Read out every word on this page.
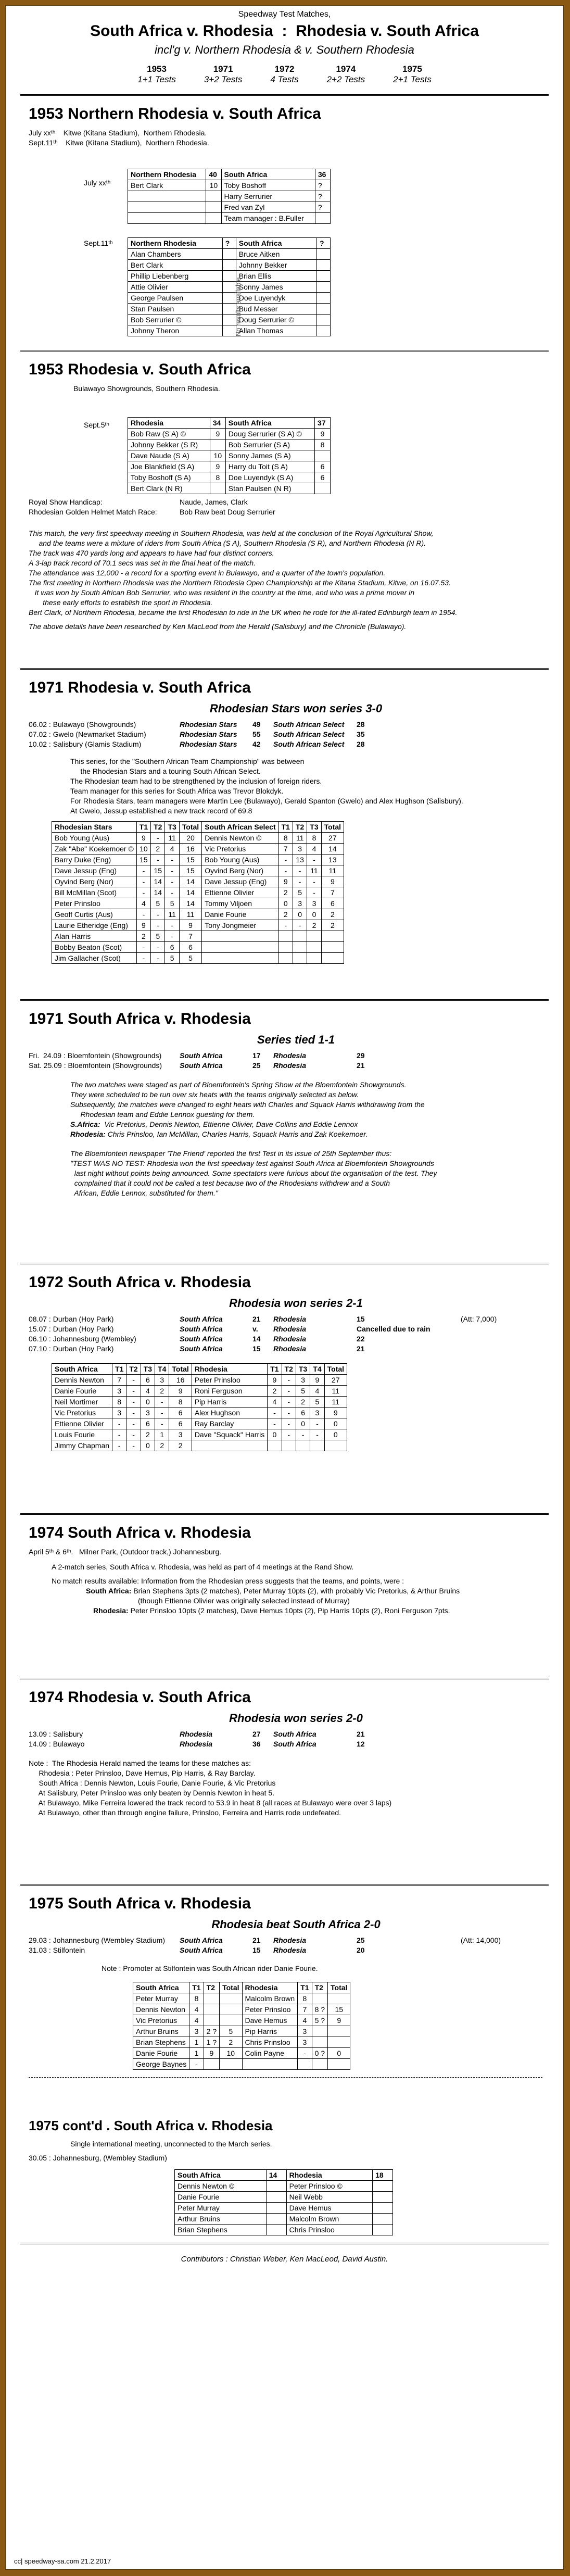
Speedway Test Matches,
South Africa v. Rhodesia : Rhodesia v. South Africa
incl'g v. Northern Rhodesia & v. Southern Rhodesia
1953
1+1 Tests
1971
3+2 Tests
1972
4 Tests
1974
2+2 Tests
1975
2+1 Tests
1953 Northern Rhodesia v. South Africa
July xxᵗʰ    Kitwe (Kitana Stadium),  Northern Rhodesia.
Sept.11ᵗʰ    Kitwe (Kitana Stadium),  Northern Rhodesia.
July xxᵗʰ
Northern Rhodesia	40	South Africa	36
Bert Clark	10	Toby Boshoff	?
		Harry Serrurier	?
		Fred van Zyl	?
		Team manager : B.Fuller	
Sept.11ᵗʰ Northern Rhodesia	?	South Africa	?
Alan Chambers		Bruce Aitken	
Bert Clark		Johnny Bekker	
Phillip Liebenberg		Brian Ellis	
Attie Olivier		Sonny James	
George Paulsen		Doe Luyendyk	
Stan Paulsen		Bud Messer	
Bob Serrurier ©		Doug Serrurier ©	
Johnny Theron		Allan Thomas	
No results available
1953 Rhodesia v. South Africa
Bulawayo Showgrounds, Southern Rhodesia.
Sept.5ᵗʰ	Rhodesia	34	South Africa	37
Bob Raw (S A) ©	9	Doug Serrurier (S A) ©	9
Johnny Bekker (S R)		Bob Serrurier (S A)	8
Dave Naude (S A)	10	Sonny James (S A)	
Joe Blankfield (S A)	9	Harry du Toit (S A)	6
Toby Boshoff (S A)	8	Doe Luyendyk (S A)	6
Bert Clark (N R)		Stan Paulsen (N R)	
Royal Show Handicap:	Naude, James, Clark
Rhodesian Golden Helmet Match Race:	Bob Raw beat Doug Serrurier
This match, the very first speedway meeting in Southern Rhodesia, was held at the conclusion of the Royal Agricultural Show,
and the teams were a mixture of riders from South Africa (S A), Southern Rhodesia (S R), and Northern Rhodesia (N R).
The track was 470 yards long and appears to have had four distinct corners.
A 3-lap track record of 70.1 secs was set in the final heat of the match.
The attendance was 12,000 - a record for a sporting event in Bulawayo, and a quarter of the town's population.
The first meeting in Northern Rhodesia was the Northern Rhodesia Open Championship at the Kitana Stadium, Kitwe, on 16.07.53.
It was won by South African Bob Serrurier, who was resident in the country at the time, and who was a prime mover in
these early efforts to establish the sport in Rhodesia.
Bert Clark, of Northern Rhodesia, became the first Rhodesian to ride in the UK when he rode for the ill-fated Edinburgh team in 1954.
The above details have been researched by Ken MacLeod from the Herald (Salisbury) and the Chronicle (Bulawayo).
1971 Rhodesia v. South Africa
Rhodesian Stars won series 3-0
06.02 : Bulawayo (Showgrounds)	Rhodesian Stars	49	South African Select	28
07.02 : Gwelo (Newmarket Stadium)	Rhodesian Stars	55	South African Select	35
10.02 : Salisbury (Glamis Stadium)	Rhodesian Stars	42	South African Select	28
This series, for the "Southern African Team Championship" was between
the Rhodesian Stars and a touring South African Select.
The Rhodesian team had to be strengthened by the inclusion of foreign riders.
Team manager for this series for South Africa was Trevor Blokdyk.
For Rhodesia Stars, team managers were Martin Lee (Bulawayo), Gerald Spanton (Gwelo) and Alex Hughson (Salisbury).
At Gwelo, Jessup established a new track record of 69.8
Rhodesian Stars	T1	T2	T3	Total	South African Select	T1	T2	T3	Total
Bob Young (Aus)	9	-	11	20	Dennis Newton ©	8	11	8	27
Zak "Abe" Koekemoer ©	10	2	4	16	Vic Pretorius	7	3	4	14
Barry Duke (Eng)	15	-	-	15	Bob Young (Aus)	-	13	-	13
Dave Jessup (Eng)	-	15	-	15	Oyvind Berg (Nor)	-	-	11	11
Oyvind Berg (Nor)	-	14	-	14	Dave Jessup (Eng)	9	-	-	9
Bill McMillan (Scot)	-	14	-	14	Ettienne Olivier	2	5	-	7
Peter Prinsloo	4	5	5	14	Tommy Viljoen	0	3	3	6
Geoff Curtis (Aus)	-	-	11	11	Danie Fourie	2	0	0	2
Laurie Etheridge (Eng)	9	-	-	9	Tony Jongmeier	-	-	2	2
Alan Harris	2	5	-	7					
Bobby Beaton (Scot)	-	-	6	6					
Jim Gallacher (Scot)	-	-	5	5					
1971 South Africa v. Rhodesia
Series tied 1-1
Fri.  24.09 : Bloemfontein (Showgrounds)	South Africa	17	Rhodesia	29
Sat. 25.09 : Bloemfontein (Showgrounds)	South Africa	25	Rhodesia	21
The two matches were staged as part of Bloemfontein's Spring Show at the Bloemfontein Showgrounds.
They were scheduled to be run over six heats with the teams originally selected as below.
Subsequently, the matches were changed to eight heats with Charles and Squack Harris withdrawing from the
Rhodesian team and Eddie Lennox guesting for them.
S.Africa:  Vic Pretorius, Dennis Newton, Ettienne Olivier, Dave Collins and Eddie Lennox
Rhodesia: Chris Prinsloo, Ian McMillan, Charles Harris, Squack Harris and Zak Koekemoer.
The Bloemfontein newspaper 'The Friend' reported the first Test in its issue of 25th September thus:
"TEST WAS NO TEST: Rhodesia won the first speedway test against South Africa at Bloemfontein Showgrounds
last night without points being announced. Some spectators were furious about the organisation of the test. They
complained that it could not be called a test because two of the Rhodesians withdrew and a South
African, Eddie Lennox, substituted for them."
1972 South Africa v. Rhodesia
Rhodesia won series 2-1
08.07 : Durban (Hoy Park)	South Africa	21	Rhodesia	15	(Att: 7,000)
15.07 : Durban (Hoy Park)	South Africa	v.	Rhodesia	Cancelled due to rain
06.10 : Johannesburg (Wembley)	South Africa	14	Rhodesia	22
07.10 : Durban (Hoy Park)	South Africa	15	Rhodesia	21
South Africa	T1	T2	T3	T4	Total	Rhodesia	T1	T2	T3	T4	Total
Dennis Newton	7	-	6	3	16	Peter Prinsloo	9	-	3	9	27
Danie Fourie	3	-	4	2	9	Roni Ferguson	2	-	5	4	11
Neil Mortimer	8	-	0	-	8	Pip Harris	4	-	2	5	11
Vic Pretorius	3	-	3	-	6	Alex Hughson	-	-	6	3	9
Ettienne Olivier	-	-	6	-	6	Ray Barclay	-	-	0	-	0
Louis Fourie	-	-	2	1	3	Dave "Squack" Harris	0	-	-	-	0
Jimmy Chapman	-	-	0	2	2						
1974 South Africa v. Rhodesia
April 5ᵗʰ & 6ᵗʰ.   Milner Park, (Outdoor track,) Johannesburg.
A 2-match series, South Africa v. Rhodesia, was held as part of 4 meetings at the Rand Show.
No match results available: Information from the Rhodesian press suggests that the teams, and points, were :
South Africa: Brian Stephens 3pts (2 matches), Peter Murray 10pts (2), with probably Vic Pretorius, & Arthur Bruins
(though Ettienne Olivier was originally selected instead of Murray)
Rhodesia: Peter Prinsloo 10pts (2 matches), Dave Hemus 10pts (2), Pip Harris 10pts (2), Roni Ferguson 7pts.
1974 Rhodesia v. South Africa
Rhodesia won series 2-0
13.09 : Salisbury	Rhodesia	27	South Africa	21
14.09 : Bulawayo	Rhodesia	36	South Africa	12
Note :  The Rhodesia Herald named the teams for these matches as:
Rhodesia : Peter Prinsloo, Dave Hemus, Pip Harris, & Ray Barclay.
South Africa : Dennis Newton, Louis Fourie, Danie Fourie, & Vic Pretorius
At Salisbury, Peter Prinsloo was only beaten by Dennis Newton in heat 5.
At Bulawayo, Mike Ferreira lowered the track record to 53.9 in heat 8 (all races at Bulawayo were over 3 laps)
At Bulawayo, other than through engine failure, Prinsloo, Ferreira and Harris rode undefeated.
1975 South Africa v. Rhodesia
Rhodesia beat South Africa 2-0
29.03 : Johannesburg (Wembley Stadium)	South Africa	21	Rhodesia	25	(Att: 14,000)
31.03 : Stilfontein	South Africa	15	Rhodesia	20
Note : Promoter at Stilfontein was South African rider Danie Fourie.
South Africa	T1	T2	Total	Rhodesia	T1	T2	Total
Peter Murray	8			Malcolm Brown	8		
Dennis Newton	4			Peter Prinsloo	7	8 ?	15
Vic Pretorius	4			Dave Hemus	4	5 ?	9
Arthur Bruins	3	2 ?	5	Pip Harris	3		
Brian Stephens	1	1 ?	2	Chris Prinsloo	3		
Danie Fourie	1	9	10	Colin Payne	-	0 ?	0
George Baynes	-						
1975 cont'd . South Africa v. Rhodesia
Single international meeting, unconnected to the March series.
30.05 : Johannesburg, (Wembley Stadium)
South Africa	14	Rhodesia	18
Dennis Newton ©		Peter Prinsloo ©	
Danie Fourie		Neil Webb	
Peter Murray		Dave Hemus	
Arthur Bruins		Malcolm Brown	
Brian Stephens		Chris Prinsloo	
Contributors : Christian Weber, Ken MacLeod, David Austin.
cc| speedway-sa.com 21.2.2017
